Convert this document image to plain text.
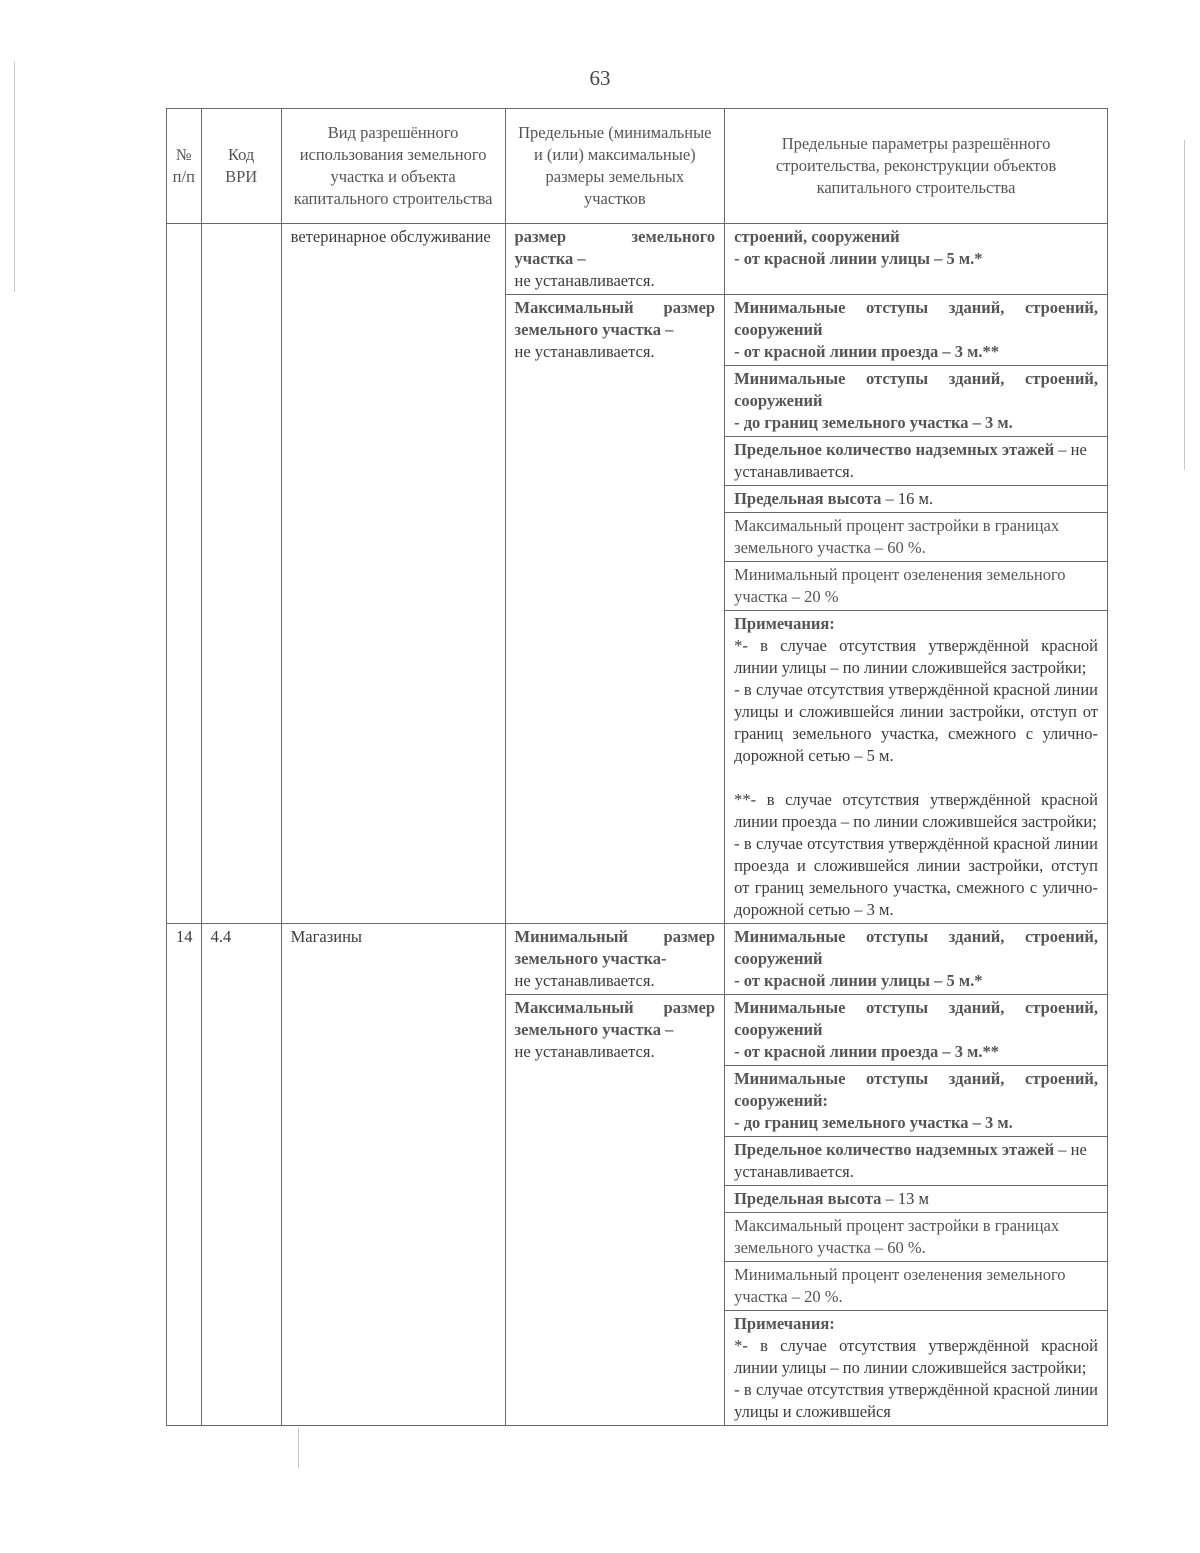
63
№ п/п	Код ВРИ	Вид разрешённого использования земельного участка и объекта капитального строительства	Предельные (минимальные и (или) максимальные) размеры земельных участков	Предельные параметры разрешённого строительства, реконструкции объектов капитального строительства

		ветеринарное обслуживание	размер земельного участка –
не устанавливается.	строений, сооружений
- от красной линии улицы – 5 м.*

			Максимальный размер земельного участка –
не устанавливается.	Минимальные отступы зданий, строений, сооружений
- от красной линии проезда – 3 м.**

				Минимальные отступы зданий, строений, сооружений
- до границ земельного участка – 3 м.

				Предельное количество надземных этажей – не устанавливается.
				Предельная высота – 16 м.
				Максимальный процент застройки в границах земельного участка – 60 %.
				Минимальный процент озеленения земельного участка – 20 %

				Примечания:
*- в случае отсутствия утверждённой красной линии улицы – по линии сложившейся застройки;
- в случае отсутствия утверждённой красной линии улицы и сложившейся линии застройки, отступ от границ земельного участка, смежного с улично-дорожной сетью – 5 м.
**- в случае отсутствия утверждённой красной линии проезда – по линии сложившейся застройки;
- в случае отсутствия утверждённой красной линии проезда и сложившейся линии застройки, отступ от границ земельного участка, смежного с улично-дорожной сетью – 3 м.

14	4.4	Магазины	Минимальный размер земельного участка-
не устанавливается.	Минимальные отступы зданий, строений, сооружений
- от красной линии улицы – 5 м.*

			Максимальный размер земельного участка –
не устанавливается.	Минимальные отступы зданий, строений, сооружений
- от красной линии проезда – 3 м.**

				Минимальные отступы зданий, строений, сооружений:
- до границ земельного участка – 3 м.

				Предельное количество надземных этажей – не устанавливается.
				Предельная высота – 13 м
				Максимальный процент застройки в границах земельного участка – 60 %.
				Минимальный процент озеленения земельного участка – 20 %.

				Примечания:
*- в случае отсутствия утверждённой красной линии улицы – по линии сложившейся застройки;
- в случае отсутствия утверждённой красной линии улицы и сложившейся
